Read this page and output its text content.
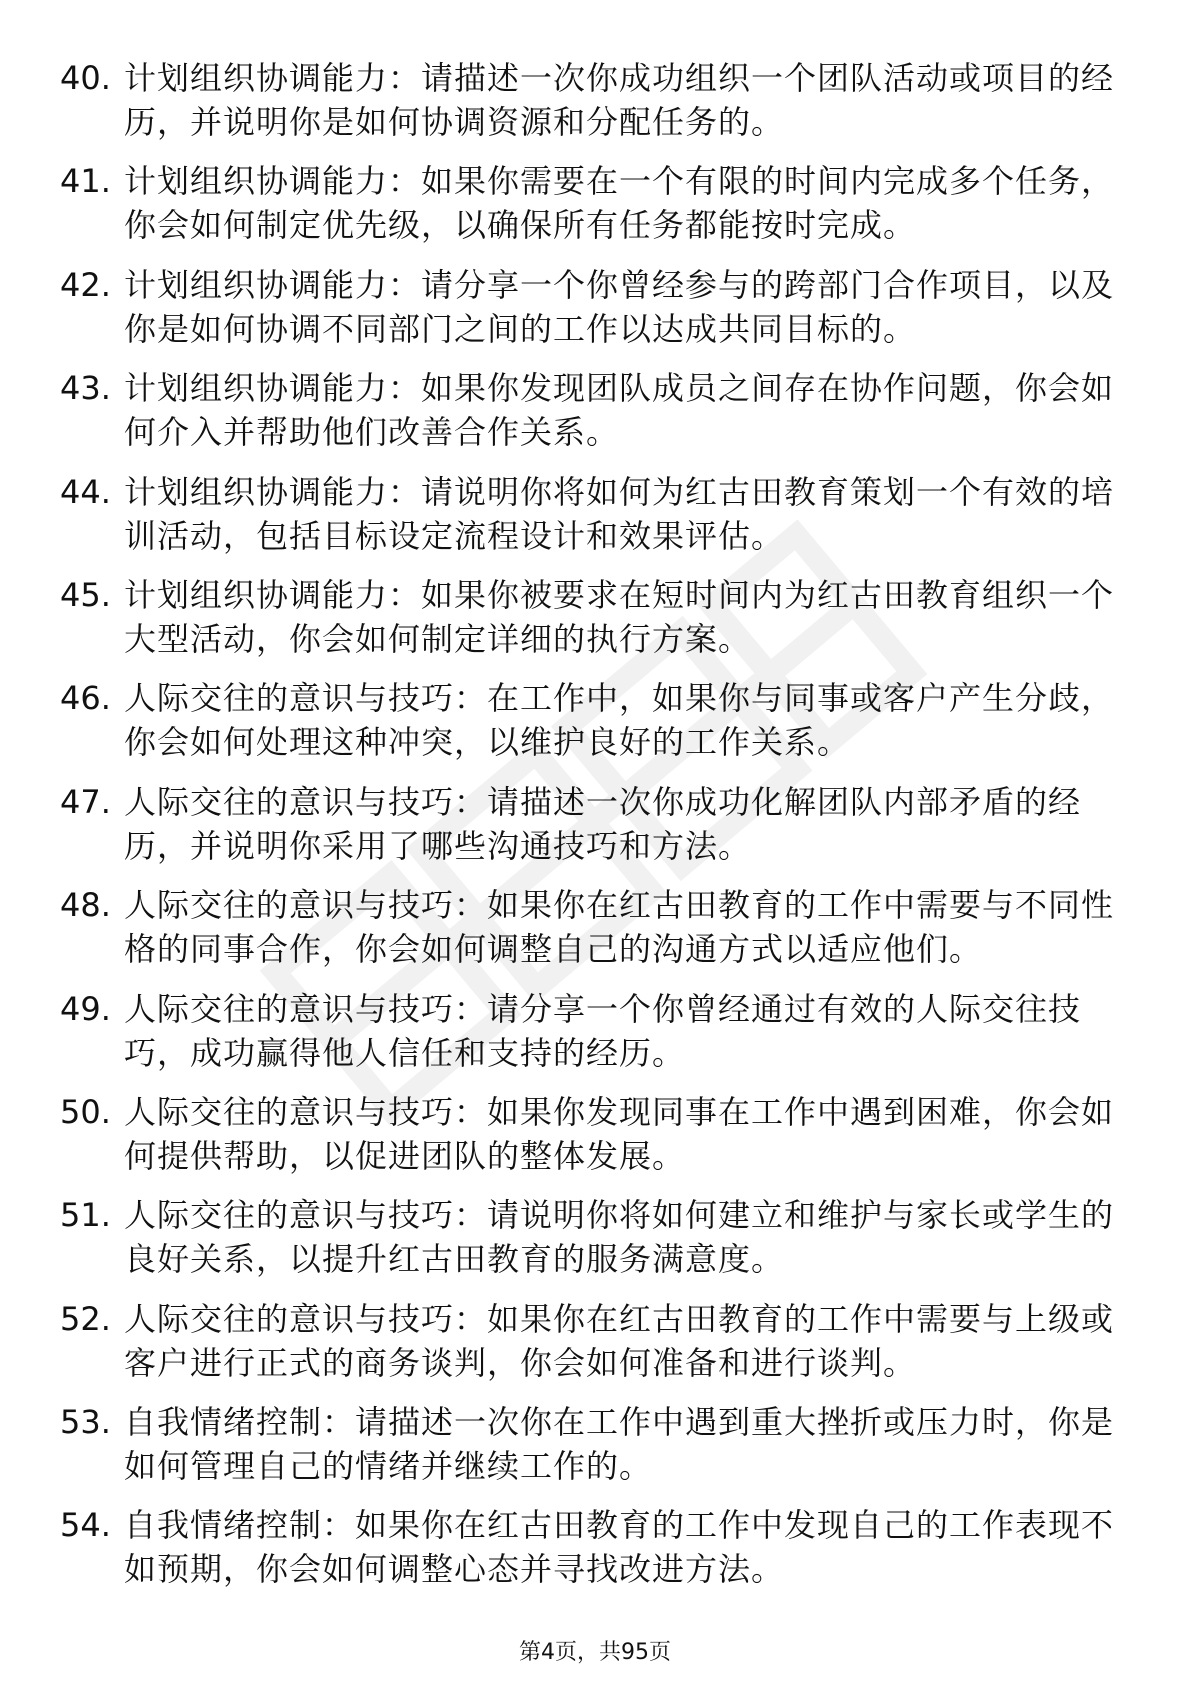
40. 计划组织协调能力：请描述一次你成功组织一个团队活动或项目的经历，并说明你是如何协调资源和分配任务的。
41. 计划组织协调能力：如果你需要在一个有限的时间内完成多个任务，你会如何制定优先级，以确保所有任务都能按时完成。
42. 计划组织协调能力：请分享一个你曾经参与的跨部门合作项目，以及你是如何协调不同部门之间的工作以达成共同目标的。
43. 计划组织协调能力：如果你发现团队成员之间存在协作问题，你会如何介入并帮助他们改善合作关系。
44. 计划组织协调能力：请说明你将如何为红古田教育策划一个有效的培训活动，包括目标设定流程设计和效果评估。
45. 计划组织协调能力：如果你被要求在短时间内为红古田教育组织一个大型活动，你会如何制定详细的执行方案。
46. 人际交往的意识与技巧：在工作中，如果你与同事或客户产生分歧，你会如何处理这种冲突，以维护良好的工作关系。
47. 人际交往的意识与技巧：请描述一次你成功化解团队内部矛盾的经历，并说明你采用了哪些沟通技巧和方法。
48. 人际交往的意识与技巧：如果你在红古田教育的工作中需要与不同性格的同事合作，你会如何调整自己的沟通方式以适应他们。
49. 人际交往的意识与技巧：请分享一个你曾经通过有效的人际交往技巧，成功赢得他人信任和支持的经历。
50. 人际交往的意识与技巧：如果你发现同事在工作中遇到困难，你会如何提供帮助，以促进团队的整体发展。
51. 人际交往的意识与技巧：请说明你将如何建立和维护与家长或学生的良好关系，以提升红古田教育的服务满意度。
52. 人际交往的意识与技巧：如果你在红古田教育的工作中需要与上级或客户进行正式的商务谈判，你会如何准备和进行谈判。
53. 自我情绪控制：请描述一次你在工作中遇到重大挫折或压力时，你是如何管理自己的情绪并继续工作的。
54. 自我情绪控制：如果你在红古田教育的工作中发现自己的工作表现不如预期，你会如何调整心态并寻找改进方法。
第4页，共95页
